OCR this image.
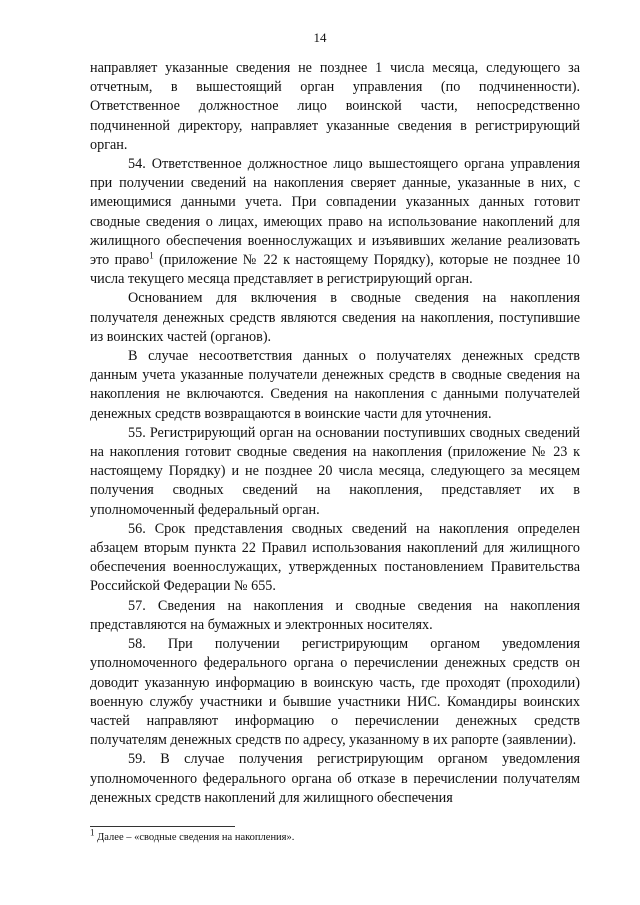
14

направляет указанные сведения не позднее 1 числа месяца, следующего за отчетным, в вышестоящий орган управления (по подчиненности). Ответственное должностное лицо воинской части, непосредственно подчиненной директору, направляет указанные сведения в регистрирующий орган.

54. Ответственное должностное лицо вышестоящего органа управления при получении сведений на накопления сверяет данные, указанные в них, с имеющимися данными учета. При совпадении указанных данных готовит сводные сведения о лицах, имеющих право на использование накоплений для жилищного обеспечения военнослужащих и изъявивших желание реализовать это право$^1$ (приложение № 22 к настоящему Порядку), которые не позднее 10 числа текущего месяца представляет в регистрирующий орган.

Основанием для включения в сводные сведения на накопления получателя денежных средств являются сведения на накопления, поступившие из воинских частей (органов).

В случае несоответствия данных о получателях денежных средств данным учета указанные получатели денежных средств в сводные сведения на накопления не включаются. Сведения на накопления с данными получателей денежных средств возвращаются в воинские части для уточнения.

55. Регистрирующий орган на основании поступивших сводных сведений на накопления готовит сводные сведения на накопления (приложение № 23 к настоящему Порядку) и не позднее 20 числа месяца, следующего за месяцем получения сводных сведений на накопления, представляет их в уполномоченный федеральный орган.

56. Срок представления сводных сведений на накопления определен абзацем вторым пункта 22 Правил использования накоплений для жилищного обеспечения военнослужащих, утвержденных постановлением Правительства Российской Федерации № 655.

57. Сведения на накопления и сводные сведения на накопления представляются на бумажных и электронных носителях.

58. При получении регистрирующим органом уведомления уполномоченного федерального органа о перечислении денежных средств он доводит указанную информацию в воинскую часть, где проходят (проходили) военную службу участники и бывшие участники НИС. Командиры воинских частей направляют информацию о перечислении денежных средств получателям денежных средств по адресу, указанному в их рапорте (заявлении).

59. В случае получения регистрирующим органом уведомления уполномоченного федерального органа об отказе в перечислении получателям денежных средств накоплений для жилищного обеспечения

$^1$ Далее – «сводные сведения на накопления».
